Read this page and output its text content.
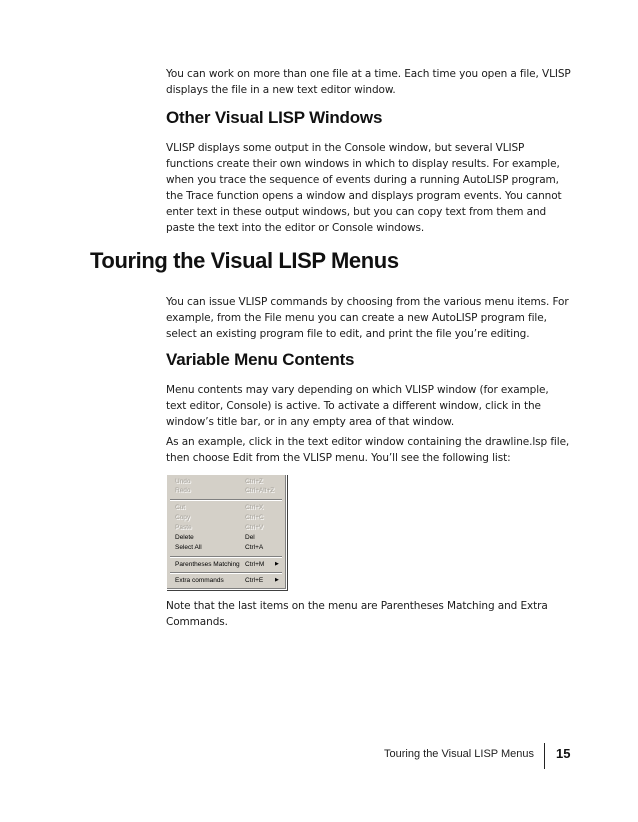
You can work on more than one file at a time. Each time you open a file, VLISP displays the file in a new text editor window.

Other Visual LISP Windows

VLISP displays some output in the Console window, but several VLISP functions create their own windows in which to display results. For example, when you trace the sequence of events during a running AutoLISP program, the Trace function opens a window and displays program events. You cannot enter text in these output windows, but you can copy text from them and paste the text into the editor or Console windows.

Touring the Visual LISP Menus

You can issue VLISP commands by choosing from the various menu items. For example, from the File menu you can create a new AutoLISP program file, select an existing program file to edit, and print the file you’re editing.

Variable Menu Contents

Menu contents may vary depending on which VLISP window (for example, text editor, Console) is active. To activate a different window, click in the window’s title bar, or in any empty area of that window.

As an example, click in the text editor window containing the drawline.lsp file, then choose Edit from the VLISP menu. You’ll see the following list:

Undo	Ctrl+Z
Redo	Ctrl+Alt+Z
Cut	Ctrl+X
Copy	Ctrl+C
Paste	Ctrl+V
Delete	Del
Select All	Ctrl+A
Parentheses Matching Ctrl+M ▶
Extra commands	Ctrl+E ▶

Note that the last items on the menu are Parentheses Matching and Extra Commands.

Touring the Visual LISP Menus 15
